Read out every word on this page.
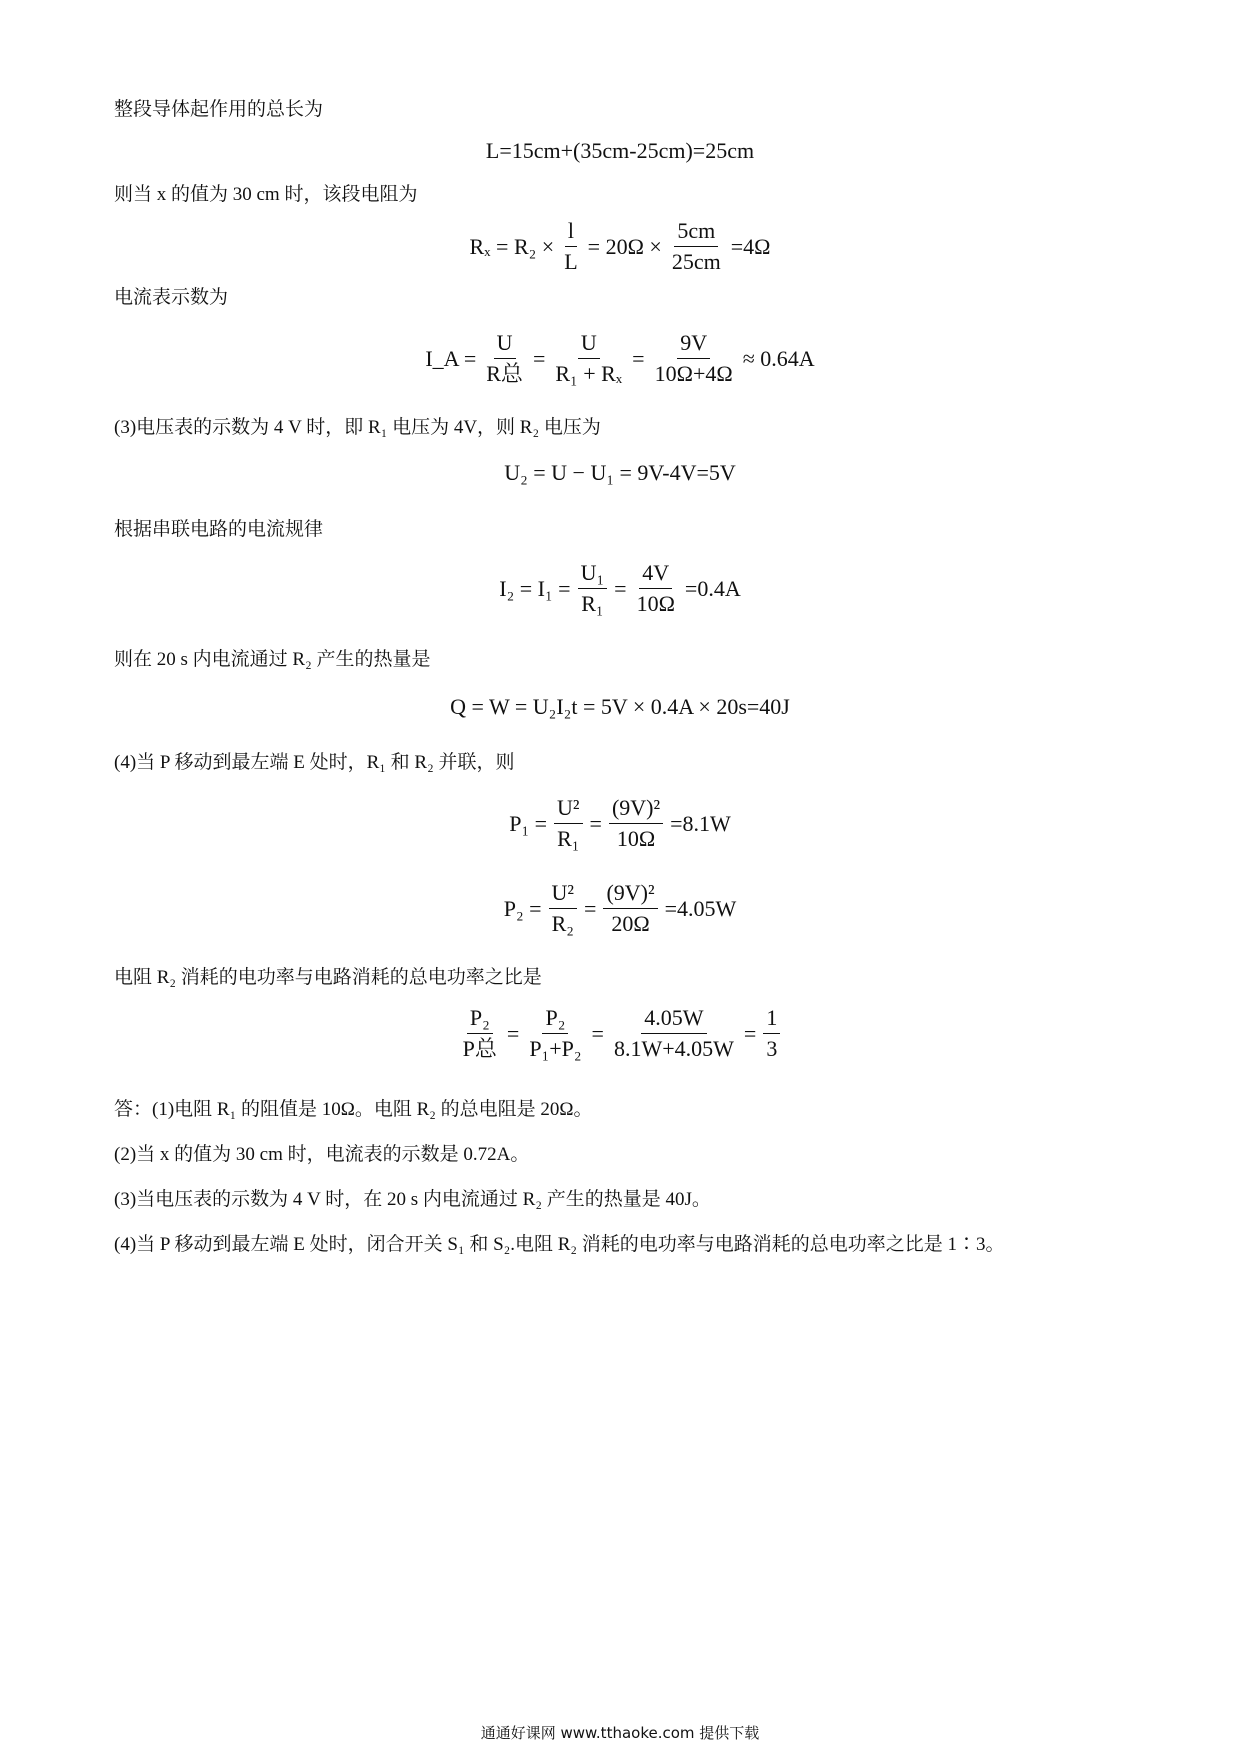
整段导体起作用的总长为
L=15cm+(35cm-25cm)=25cm
则当 x 的值为 30 cm 时，该段电阻为
$R_x = R_2 \times \frac{l}{L} = 20\Omega \times \frac{5cm}{25cm} =4\Omega$
电流表示数为
I_A = $\frac{U}{\text{R总}} = \frac{U}{\text{R₁ + Rₓ}} = \frac{9V}{10\Omega+4\Omega} \approx 0.64A$
(3)电压表的示数为 4 V 时，即 R₁ 电压为 4V，则 R₂ 电压为
U₂ = U − U₁ = 9V-4V=5V
根据串联电路的电流规律
$I_2 = I_1 = \frac{\text{U₁}}{\text{R₁}} = \frac{4V}{10\Omega} =0.4A$
则在 20 s 内电流通过 R₂ 产生的热量是
Q = W = U₂I₂t = 5V × 0.4A × 20s=40J
(4)当 P 移动到最左端 E 处时，R₁ 和 R₂ 并联，则
$P_1 = \frac{\text{U²}}{\text{R₁}} = \frac{\text{(9V)²}}{10\Omega} =8.1W$
$P_2 = \frac{\text{U²}}{\text{R₂}} = \frac{\text{(9V)²}}{20\Omega} =4.05W$
电阻 R₂ 消耗的电功率与电路消耗的总电功率之比是
$\frac{\text{P₂}}{\text{P总}} = \frac{\text{P₂}}{\text{P₁+P₂}} = \frac{4.05W}{8.1W+4.05W} = \frac{1}{3}$
答：(1)电阻 R₁ 的阻值是 10Ω。电阻 R₂ 的总电阻是 20Ω。
(2)当 x 的值为 30 cm 时，电流表的示数是 0.72A。
(3)当电压表的示数为 4 V 时，在 20 s 内电流通过 R₂ 产生的热量是 40J。
(4)当 P 移动到最左端 E 处时，闭合开关 S₁ 和 S₂.电阻 R₂ 消耗的电功率与电路消耗的总电功率之比是 1∶3。
通通好课网 www.tthaoke.com 提供下载
